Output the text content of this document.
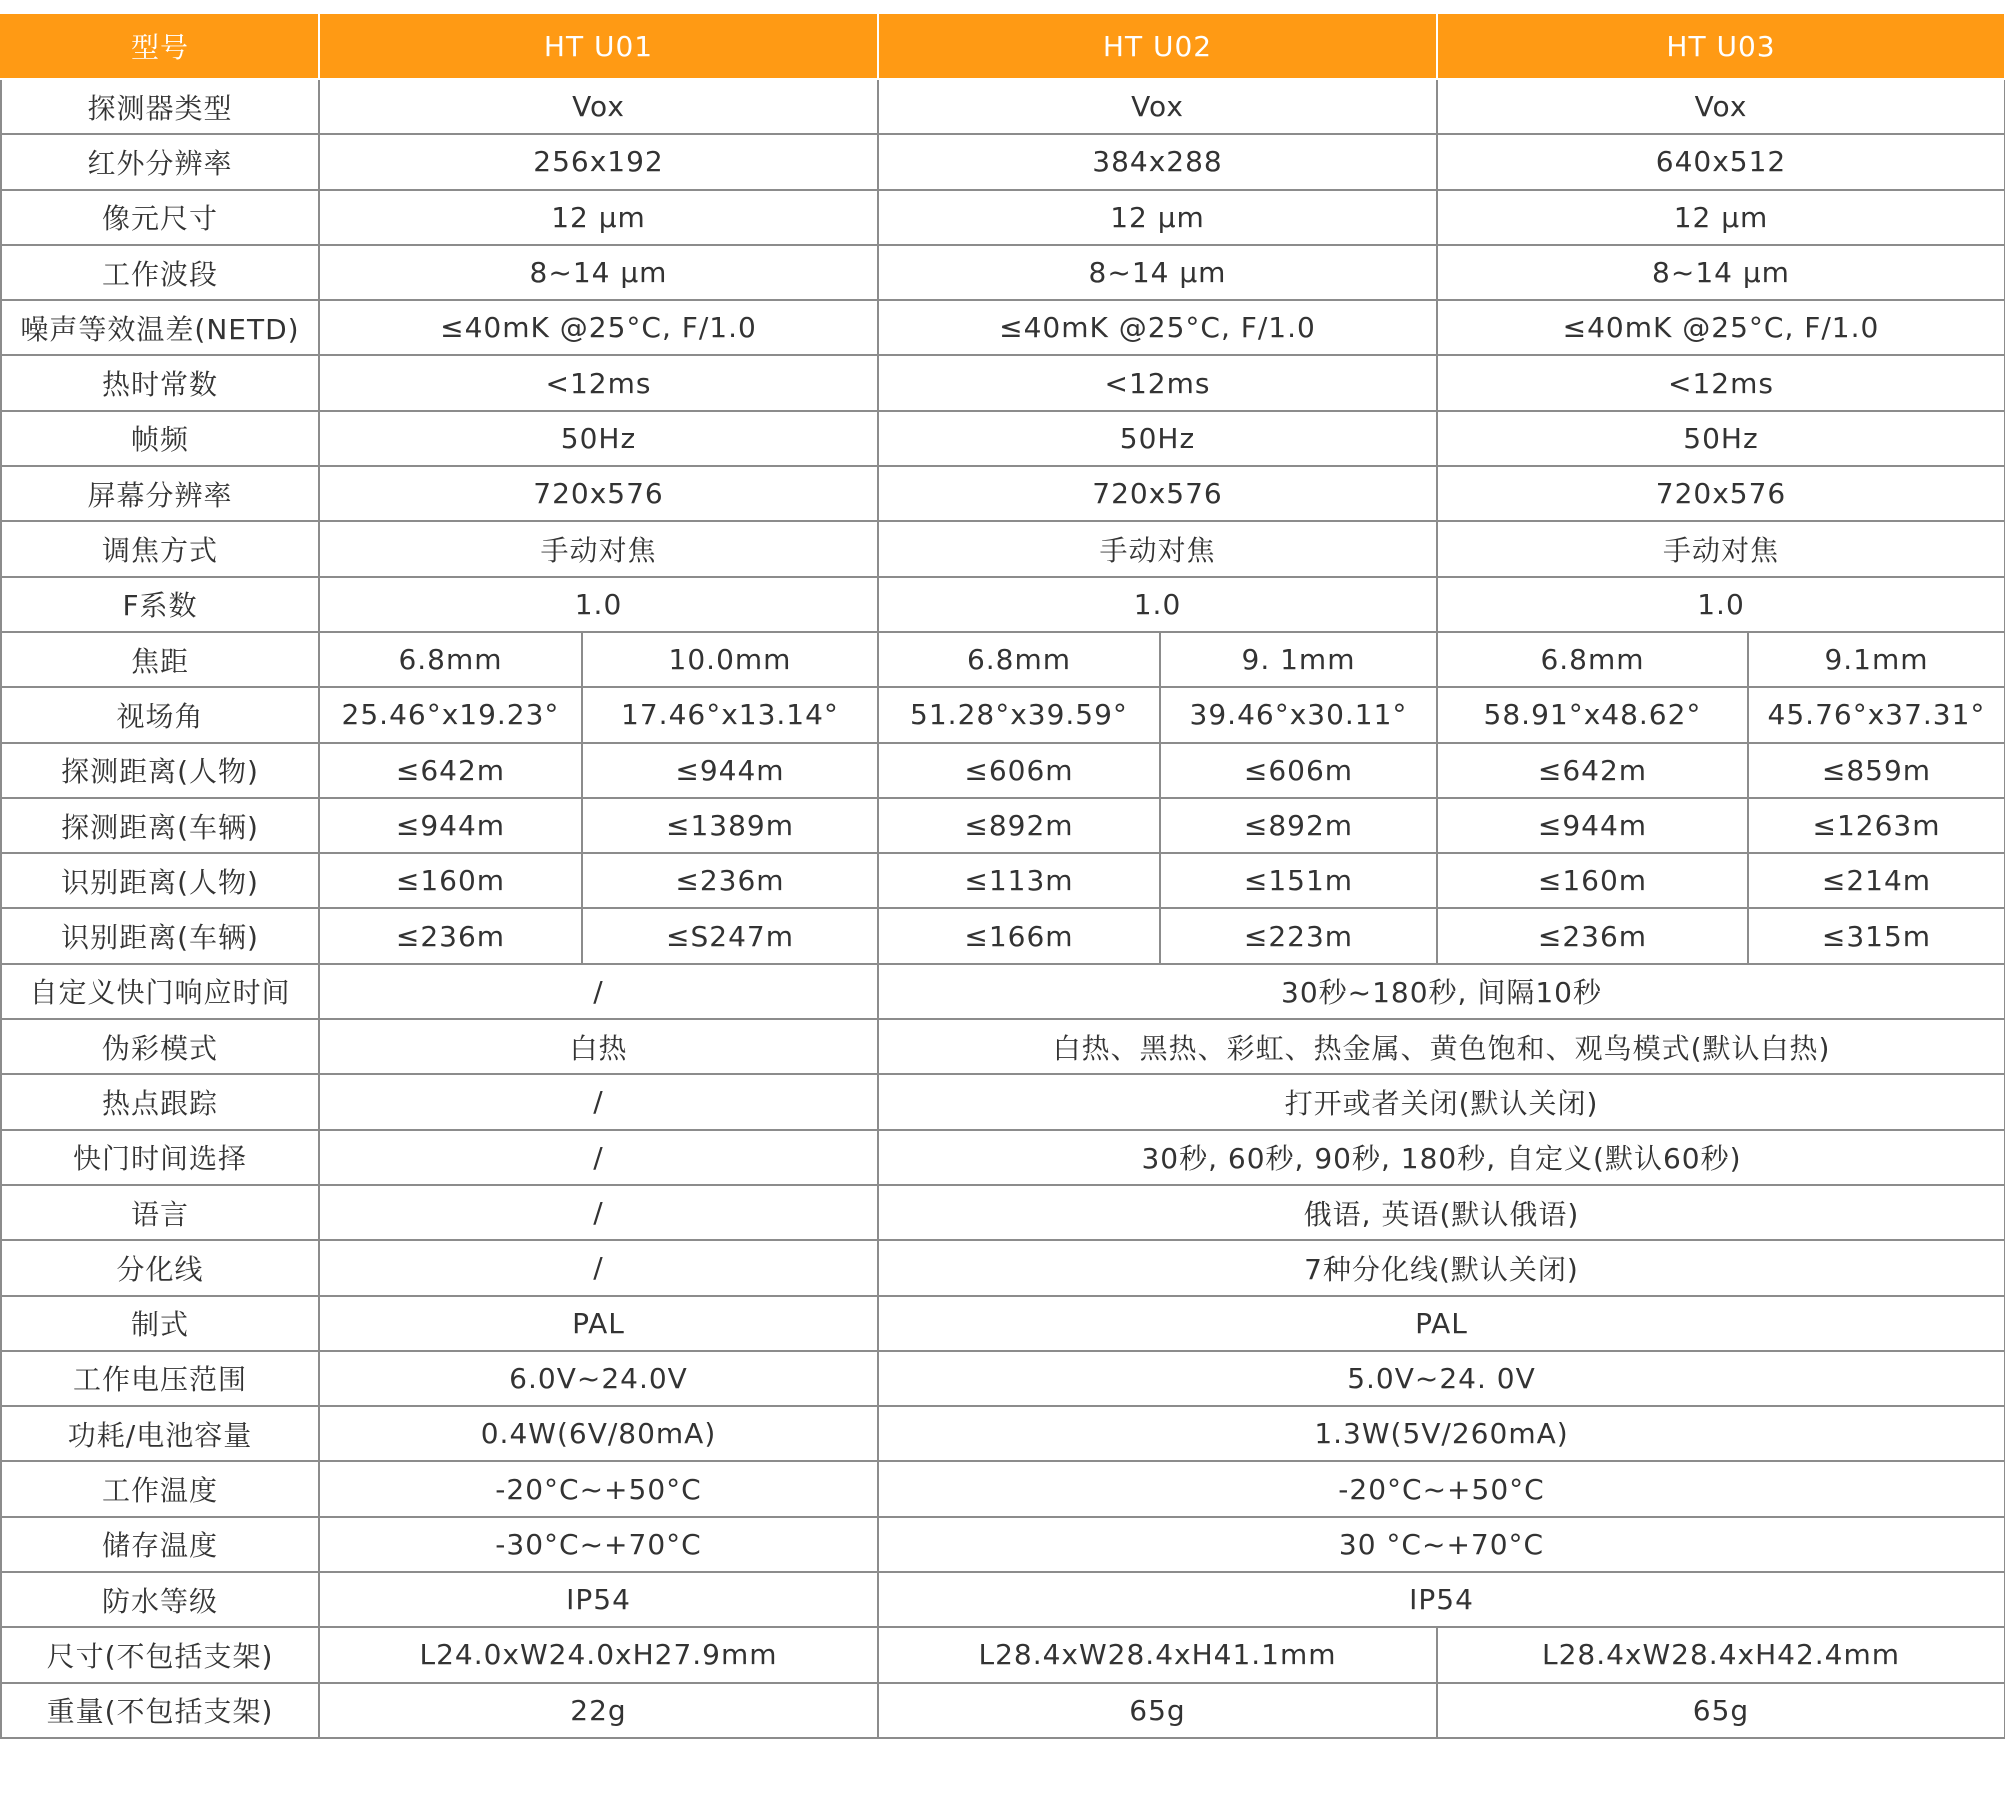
型号	HT U01		HT U02		HT U03	
探测器类型	Vox		Vox		Vox	
红外分辨率	256x192		384x288		640x512	
像元尺寸	12 μm		12 μm		12 μm	
工作波段	8~14 μm		8~14 μm		8~14 μm	
噪声等效温差(NETD)	≤40mK @25°C, F/1.0		≤40mK @25°C, F/1.0		≤40mK @25°C, F/1.0	
热时常数	<12ms		<12ms		<12ms	
帧频	50Hz		50Hz		50Hz	
屏幕分辨率	720x576		720x576		720x576	
调焦方式	手动对焦		手动对焦		手动对焦	
F系数	1.0		1.0		1.0	
焦距	6.8mm	10.0mm	6.8mm	9. 1mm	6.8mm	9.1mm
视场角	25.46°x19.23°	17.46°x13.14°	51.28°x39.59°	39.46°x30.11°	58.91°x48.62°	45.76°x37.31°
探测距离(人物)	≤642m	≤944m	≤606m	≤606m	≤642m	≤859m
探测距离(车辆)	≤944m	≤1389m	≤892m	≤892m	≤944m	≤1263m
识别距离(人物)	≤160m	≤236m	≤113m	≤151m	≤160m	≤214m
识别距离(车辆)	≤236m	≤S247m	≤166m	≤223m	≤236m	≤315m
自定义快门响应时间	/		30秒~180秒, 间隔10秒			
伪彩模式	白热		白热、黑热、彩虹、热金属、黄色饱和、观鸟模式(默认白热)			
热点跟踪	/		打开或者关闭(默认关闭)			
快门时间选择	/		30秒, 60秒, 90秒, 180秒, 自定义(默认60秒)			
语言	/		俄语, 英语(默认俄语)			
分化线	/		7种分化线(默认关闭)			
制式	PAL		PAL			
工作电压范围	6.0V~24.0V		5.0V~24. 0V			
功耗/电池容量	0.4W(6V/80mA)		1.3W(5V/260mA)			
工作温度	-20°C~+50°C		-20°C~+50°C			
储存温度	-30°C~+70°C		30 °C~+70°C			
防水等级	IP54		IP54			
尺寸(不包括支架)	L24.0xW24.0xH27.9mm		L28.4xW28.4xH41.1mm		L28.4xW28.4xH42.4mm	
重量(不包括支架)	22g		65g		65g	
